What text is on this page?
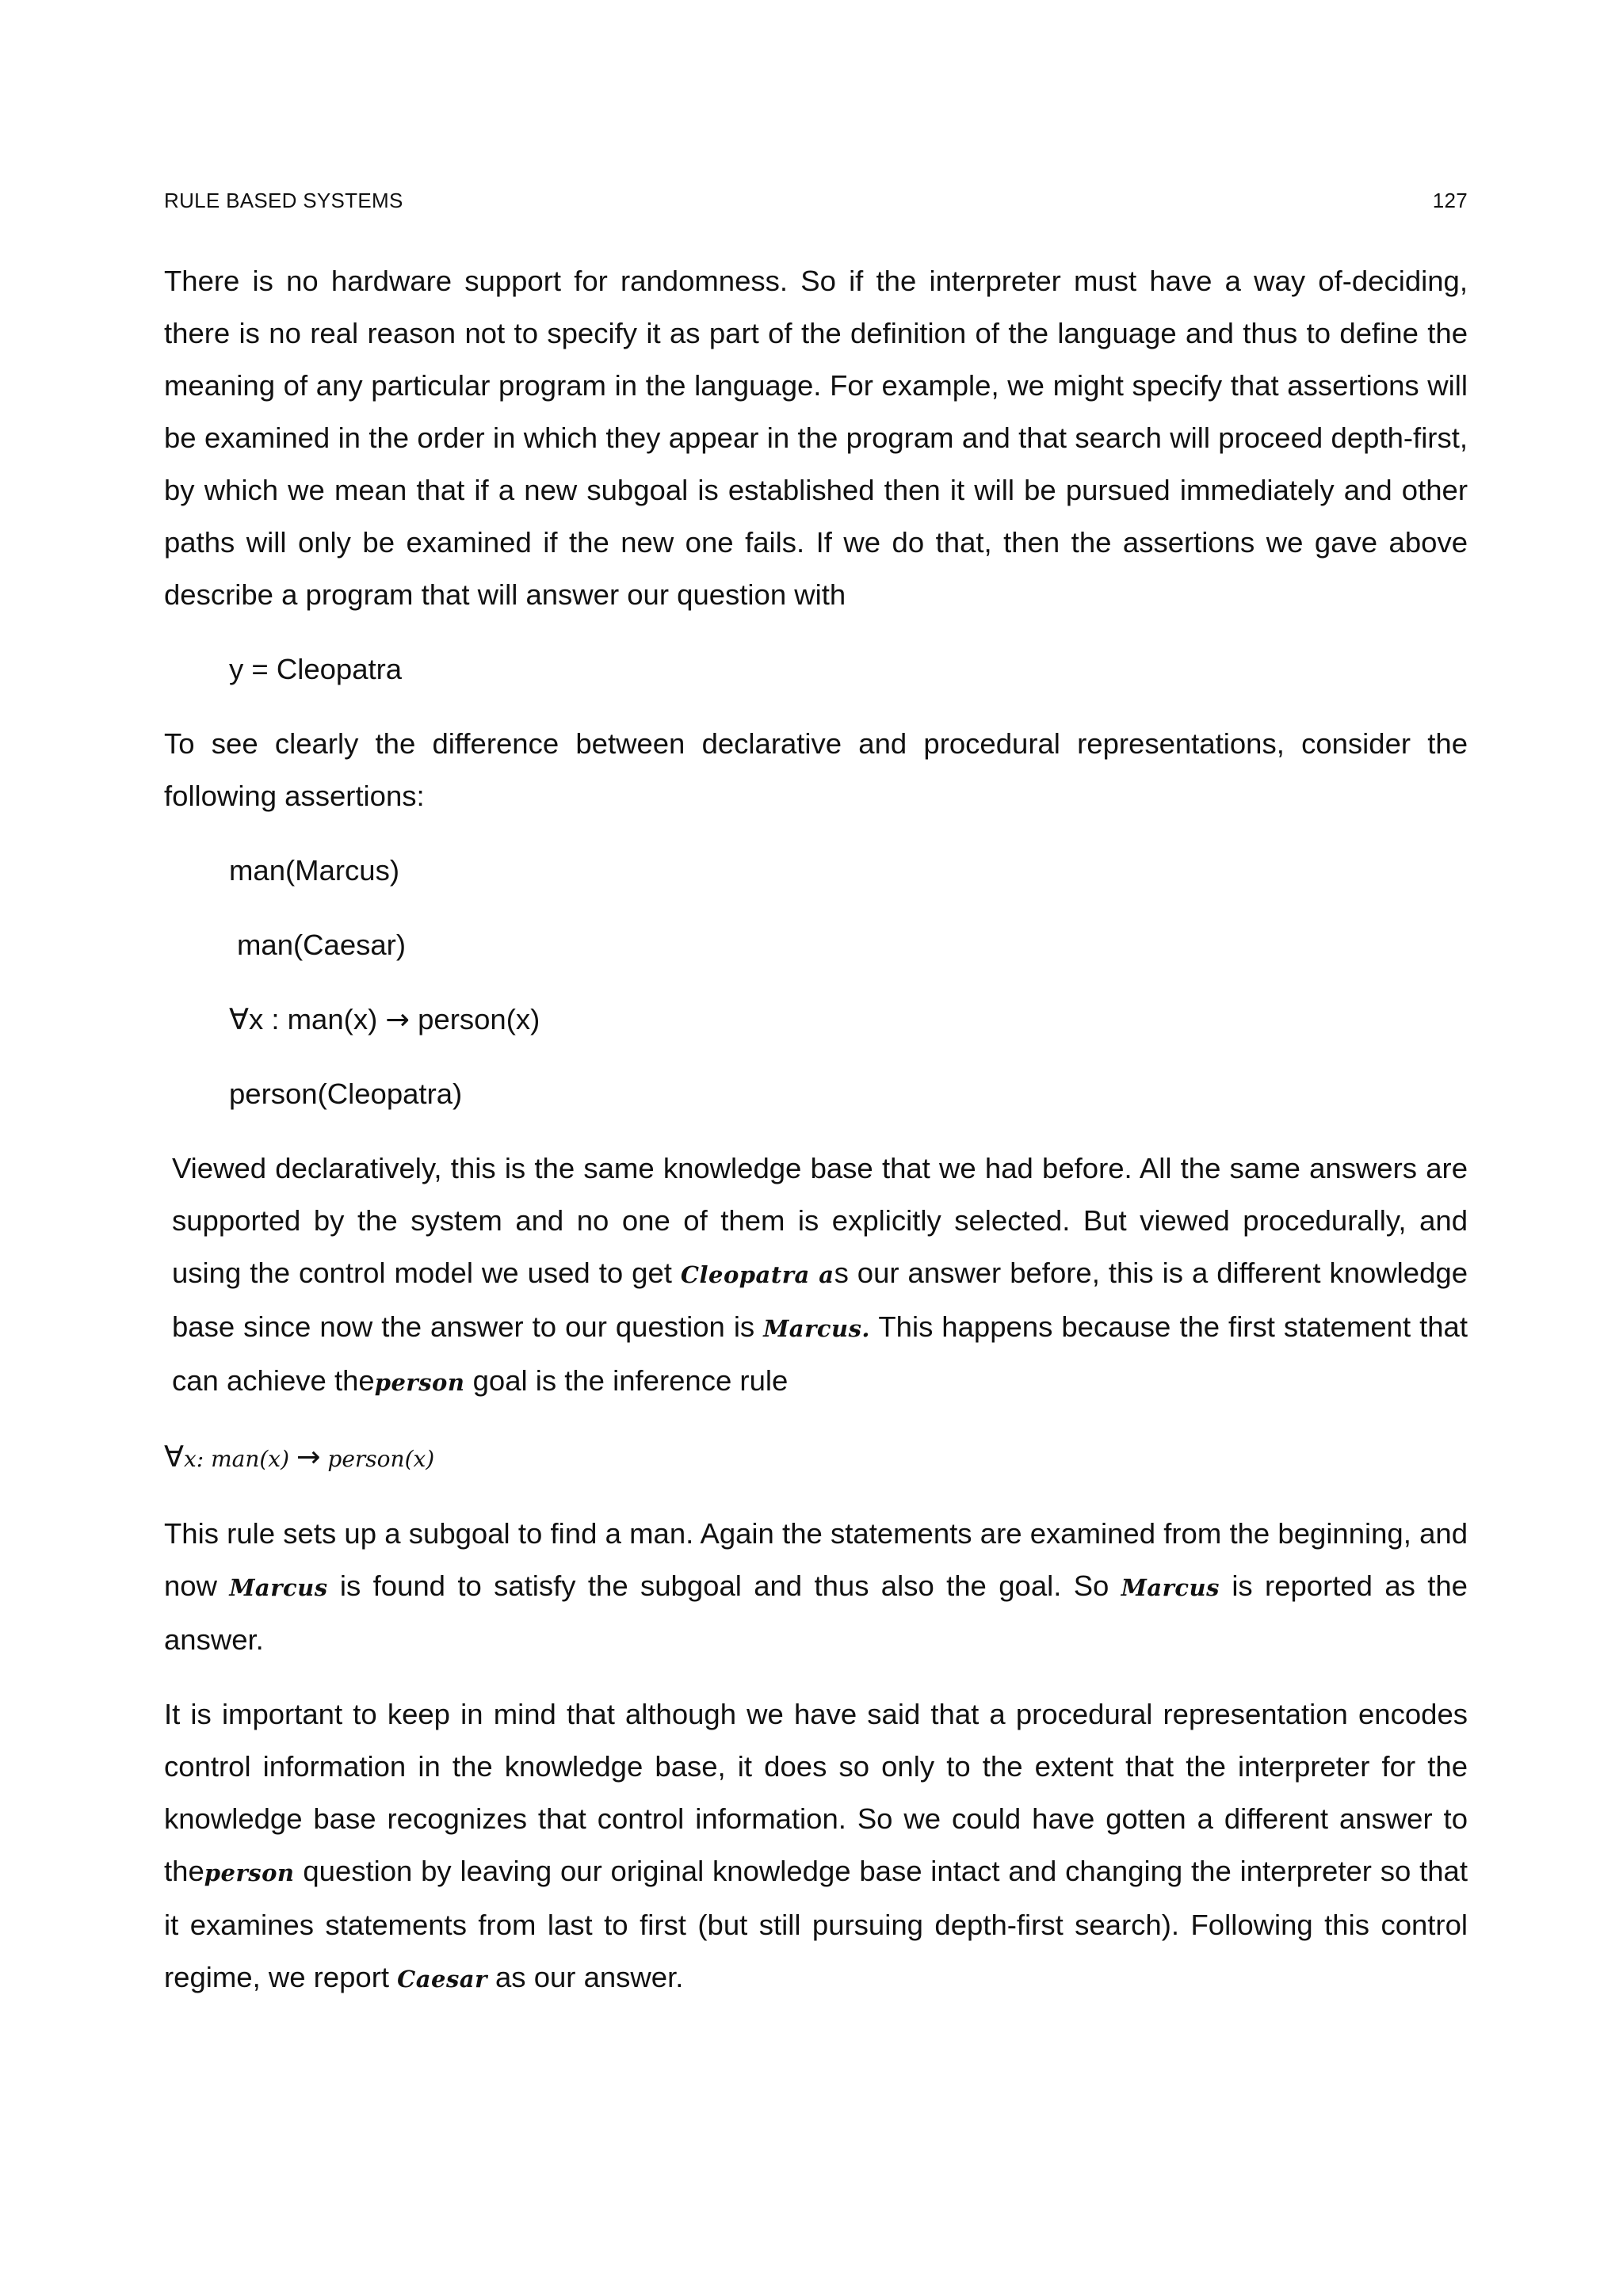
RULE BASED SYSTEMS	127

There is no hardware support for randomness. So if the interpreter must have a way of-deciding, there is no real reason not to specify it as part of the definition of the language and thus to define the meaning of any particular program in the language. For example, we might specify that assertions will be examined in the order in which they appear in the program and that search will proceed depth-first, by which we mean that if a new subgoal is established then it will be pursued immediately and other paths will only be examined if the new one fails. If we do that, then the assertions we gave above describe a program that will answer our question with

y = Cleopatra

To see clearly the difference between declarative and procedural representations, consider the following assertions:

man(Marcus)

man(Caesar)

∀x : man(x) → person(x)

person(Cleopatra)

Viewed declaratively, this is the same knowledge base that we had before. All the same answers are supported by the system and no one of them is explicitly selected. But viewed procedurally, and using the control model we used to get Cleopatra as our answer before, this is a different knowledge base since now the answer to our question is Marcus. This happens because the first statement that can achieve theperson goal is the inference rule

∀x: man(x) → person(x)

This rule sets up a subgoal to find a man. Again the statements are examined from the beginning, and now Marcus is found to satisfy the subgoal and thus also the goal. So Marcus is reported as the answer.

It is important to keep in mind that although we have said that a procedural representation encodes control information in the knowledge base, it does so only to the extent that the interpreter for the knowledge base recognizes that control information. So we could have gotten a different answer to theperson question by leaving our original knowledge base intact and changing the interpreter so that it examines statements from last to first (but still pursuing depth-first search). Following this control regime, we report Caesar as our answer.
